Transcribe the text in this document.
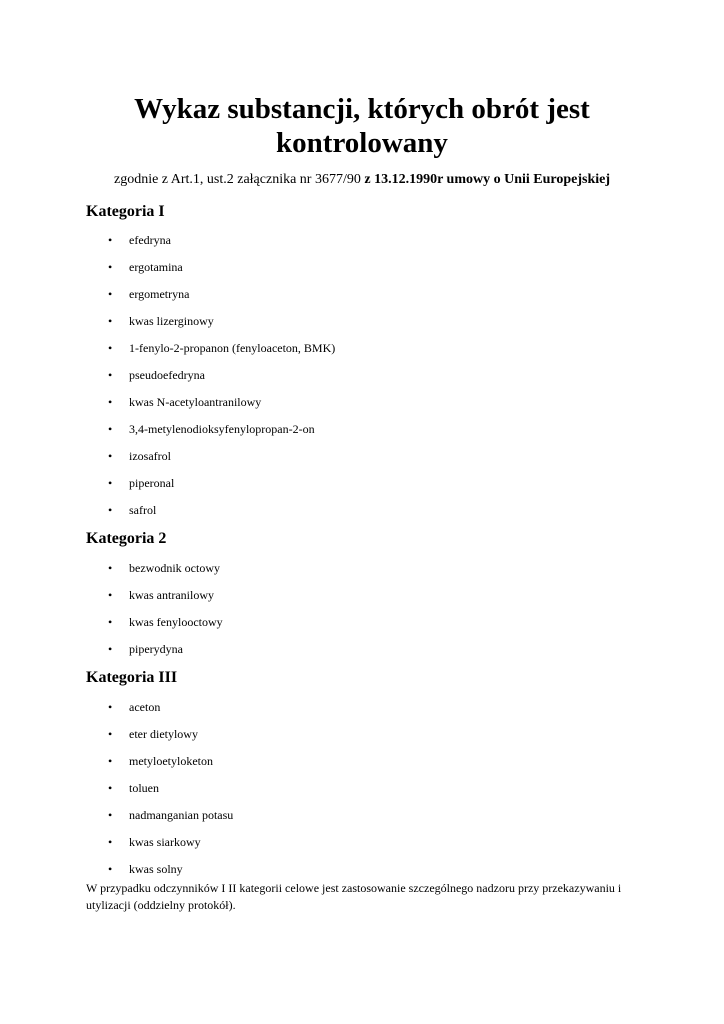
Wykaz substancji, których obrót jest kontrolowany

zgodnie z Art.1, ust.2 załącznika nr 3677/90 z 13.12.1990r umowy o Unii Europejskiej

Kategoria I
•	efedryna
•	ergotamina
•	ergometryna
•	kwas lizerginowy
•	1-fenylo-2-propanon (fenyloaceton, BMK)
•	pseudoefedryna
•	kwas N-acetyloantranilowy
•	3,4-metylenodioksyfenylopropan-2-on
•	izosafrol
•	piperonal
•	safrol
Kategoria 2
•	bezwodnik octowy
•	kwas antranilowy
•	kwas fenylooctowy
•	piperydyna
Kategoria III
•	aceton
•	eter dietylowy
•	metyloetyloketon
•	toluen
•	nadmanganian potasu
•	kwas siarkowy
•	kwas solny

W przypadku odczynników I II kategorii celowe jest zastosowanie szczególnego nadzoru przy przekazywaniu i utylizacji (oddzielny protokół).
